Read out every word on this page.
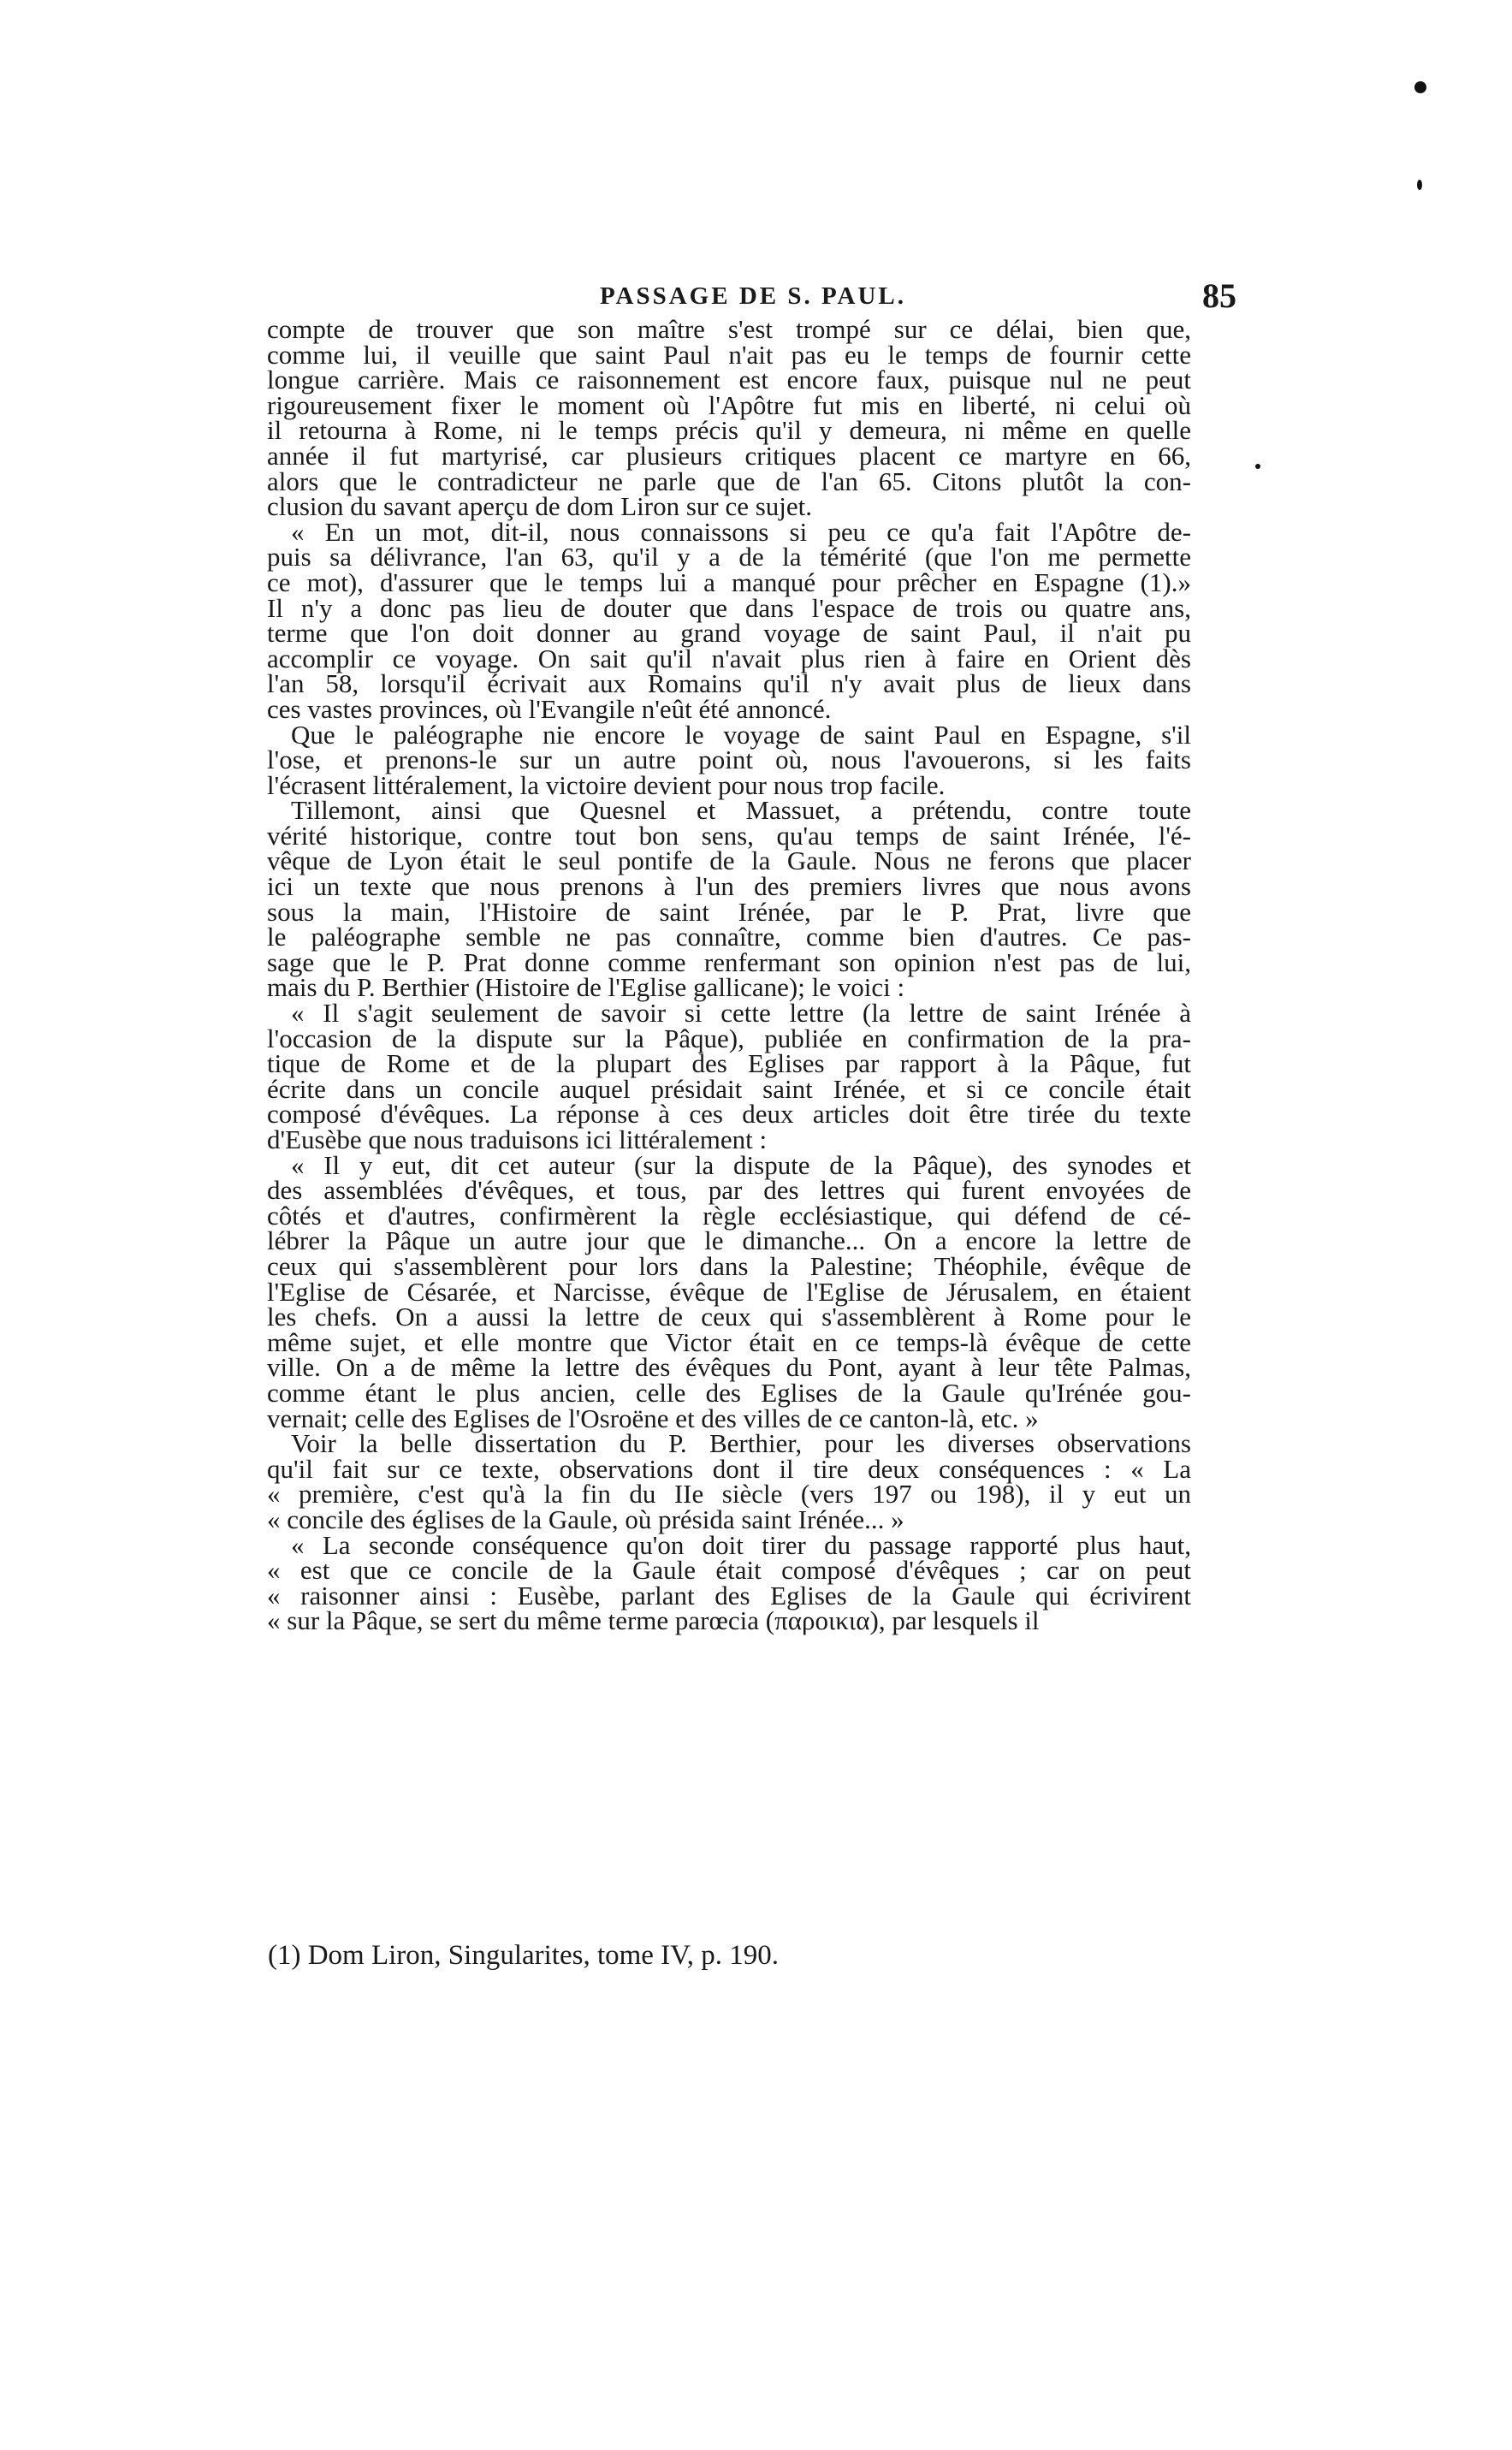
PASSAGE DE S. PAUL.	85
compte de trouver que son maître s'est trompé sur ce délai, bien que,
comme lui, il veuille que saint Paul n'ait pas eu le temps de fournir cette
longue carrière. Mais ce raisonnement est encore faux, puisque nul ne peut
rigoureusement fixer le moment où l'Apôtre fut mis en liberté, ni celui où
il retourna à Rome, ni le temps précis qu'il y demeura, ni même en quelle
année il fut martyrisé, car plusieurs critiques placent ce martyre en 66,
alors que le contradicteur ne parle que de l'an 65. Citons plutôt la con-
clusion du savant aperçu de dom Liron sur ce sujet.
« En un mot, dit-il, nous connaissons si peu ce qu'a fait l'Apôtre de-
puis sa délivrance, l'an 63, qu'il y a de la témérité (que l'on me permette
ce mot), d'assurer que le temps lui a manqué pour prêcher en Espagne (1).»
Il n'y a donc pas lieu de douter que dans l'espace de trois ou quatre ans,
terme que l'on doit donner au grand voyage de saint Paul, il n'ait pu
accomplir ce voyage. On sait qu'il n'avait plus rien à faire en Orient dès
l'an 58, lorsqu'il écrivait aux Romains qu'il n'y avait plus de lieux dans
ces vastes provinces, où l'Evangile n'eût été annoncé.
Que le paléographe nie encore le voyage de saint Paul en Espagne, s'il
l'ose, et prenons-le sur un autre point où, nous l'avouerons, si les faits
l'écrasent littéralement, la victoire devient pour nous trop facile.
Tillemont, ainsi que Quesnel et Massuet, a prétendu, contre toute
vérité historique, contre tout bon sens, qu'au temps de saint Irénée, l'é-
vêque de Lyon était le seul pontife de la Gaule. Nous ne ferons que placer
ici un texte que nous prenons à l'un des premiers livres que nous avons
sous la main, l'Histoire de saint Irénée, par le P. Prat, livre que
le paléographe semble ne pas connaître, comme bien d'autres. Ce pas-
sage que le P. Prat donne comme renfermant son opinion n'est pas de lui,
mais du P. Berthier (Histoire de l'Eglise gallicane); le voici :
« Il s'agit seulement de savoir si cette lettre (la lettre de saint Irénée à
l'occasion de la dispute sur la Pâque), publiée en confirmation de la pra-
tique de Rome et de la plupart des Eglises par rapport à la Pâque, fut
écrite dans un concile auquel présidait saint Irénée, et si ce concile était
composé d'évêques. La réponse à ces deux articles doit être tirée du texte
d'Eusèbe que nous traduisons ici littéralement :
« Il y eut, dit cet auteur (sur la dispute de la Pâque), des synodes et
des assemblées d'évêques, et tous, par des lettres qui furent envoyées de
côtés et d'autres, confirmèrent la règle ecclésiastique, qui défend de cé-
lébrer la Pâque un autre jour que le dimanche... On a encore la lettre de
ceux qui s'assemblèrent pour lors dans la Palestine; Théophile, évêque de
l'Eglise de Césarée, et Narcisse, évêque de l'Eglise de Jérusalem, en étaient
les chefs. On a aussi la lettre de ceux qui s'assemblèrent à Rome pour le
même sujet, et elle montre que Victor était en ce temps-là évêque de cette
ville. On a de même la lettre des évêques du Pont, ayant à leur tête Palmas,
comme étant le plus ancien, celle des Eglises de la Gaule qu'Irénée gou-
vernait; celle des Eglises de l'Osroëne et des villes de ce canton-là, etc. »
Voir la belle dissertation du P. Berthier, pour les diverses observations
qu'il fait sur ce texte, observations dont il tire deux conséquences : « La
« première, c'est qu'à la fin du IIe siècle (vers 197 ou 198), il y eut un
« concile des églises de la Gaule, où présida saint Irénée... »
« La seconde conséquence qu'on doit tirer du passage rapporté plus haut,
« est que ce concile de la Gaule était composé d'évêques ; car on peut
« raisonner ainsi : Eusèbe, parlant des Eglises de la Gaule qui écrivirent
« sur la Pâque, se sert du même terme parœcia (παροικια), par lesquels il
(1) Dom Liron, Singularites, tome IV, p. 190.
